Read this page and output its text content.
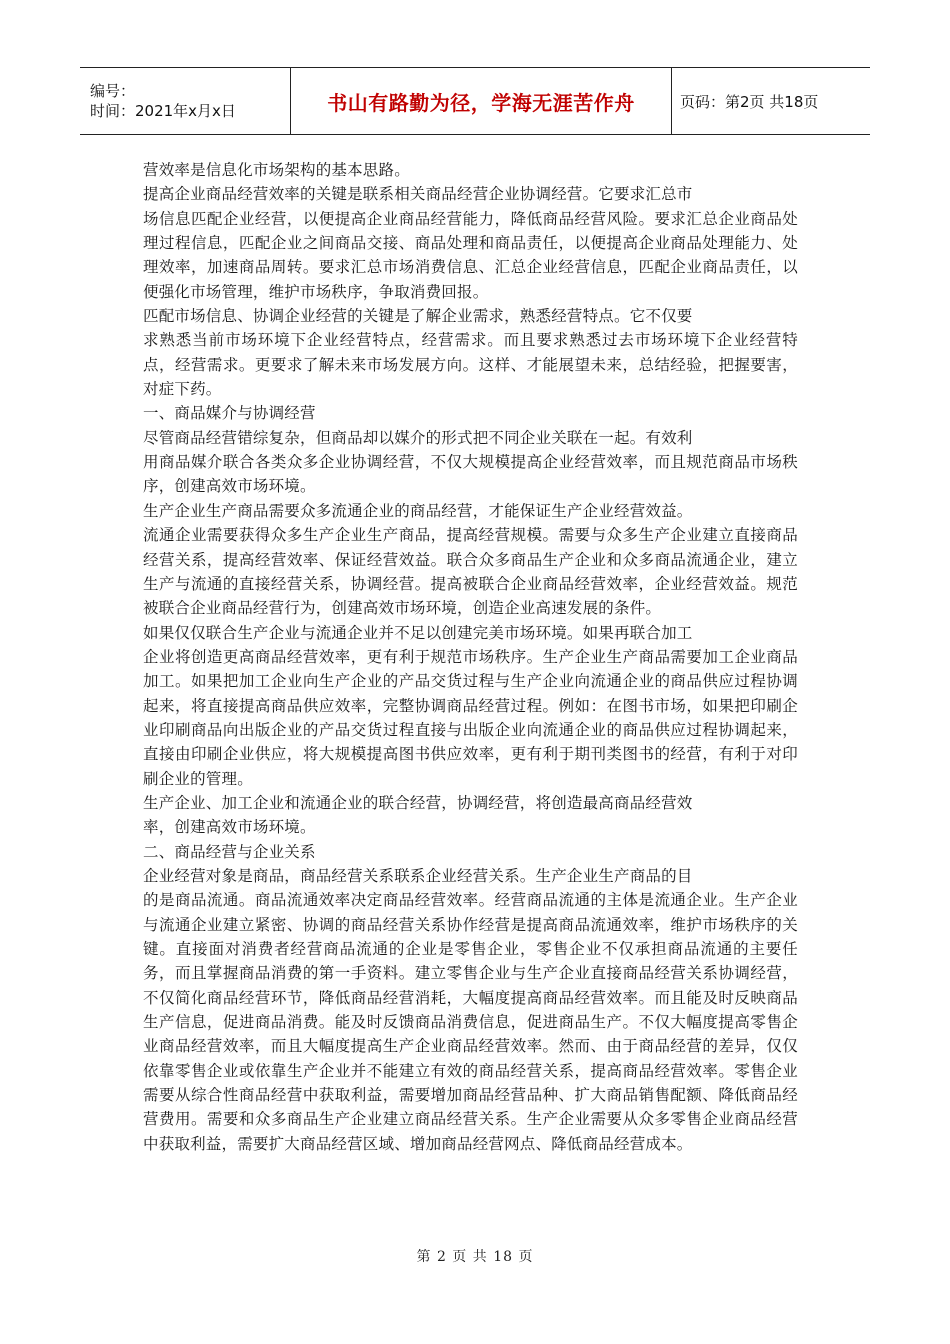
编号：
时间：2021年x月x日	书山有路勤为径，学海无涯苦作舟	页码：第2页 共18页

营效率是信息化市场架构的基本思路。

提高企业商品经营效率的关键是联系相关商品经营企业协调经营。它要求汇总市

场信息匹配企业经营，以便提高企业商品经营能力，降低商品经营风险。要求汇总企业商品处理过程信息，匹配企业之间商品交接、商品处理和商品责任，以便提高企业商品处理能力、处理效率，加速商品周转。要求汇总市场消费信息、汇总企业经营信息，匹配企业商品责任，以便强化市场管理，维护市场秩序，争取消费回报。

匹配市场信息、协调企业经营的关键是了解企业需求，熟悉经营特点。它不仅要

求熟悉当前市场环境下企业经营特点，经营需求。而且要求熟悉过去市场环境下企业经营特点，经营需求。更要求了解未来市场发展方向。这样、才能展望未来，总结经验，把握要害，对症下药。

一、商品媒介与协调经营

尽管商品经营错综复杂，但商品却以媒介的形式把不同企业关联在一起。有效利

用商品媒介联合各类众多企业协调经营，不仅大规模提高企业经营效率，而且规范商品市场秩序，创建高效市场环境。

生产企业生产商品需要众多流通企业的商品经营，才能保证生产企业经营效益。

流通企业需要获得众多生产企业生产商品，提高经营规模。需要与众多生产企业建立直接商品经营关系，提高经营效率、保证经营效益。联合众多商品生产企业和众多商品流通企业，建立生产与流通的直接经营关系，协调经营。提高被联合企业商品经营效率，企业经营效益。规范被联合企业商品经营行为，创建高效市场环境，创造企业高速发展的条件。

如果仅仅联合生产企业与流通企业并不足以创建完美市场环境。如果再联合加工

企业将创造更高商品经营效率，更有利于规范市场秩序。生产企业生产商品需要加工企业商品加工。如果把加工企业向生产企业的产品交货过程与生产企业向流通企业的商品供应过程协调起来，将直接提高商品供应效率，完整协调商品经营过程。例如：在图书市场，如果把印刷企业印刷商品向出版企业的产品交货过程直接与出版企业向流通企业的商品供应过程协调起来，直接由印刷企业供应，将大规模提高图书供应效率，更有利于期刊类图书的经营，有利于对印刷企业的管理。

生产企业、加工企业和流通企业的联合经营，协调经营，将创造最高商品经营效

率，创建高效市场环境。

二、商品经营与企业关系

企业经营对象是商品，商品经营关系联系企业经营关系。生产企业生产商品的目

的是商品流通。商品流通效率决定商品经营效率。经营商品流通的主体是流通企业。生产企业与流通企业建立紧密、协调的商品经营关系协作经营是提高商品流通效率，维护市场秩序的关键。直接面对消费者经营商品流通的企业是零售企业，零售企业不仅承担商品流通的主要任务，而且掌握商品消费的第一手资料。建立零售企业与生产企业直接商品经营关系协调经营，不仅简化商品经营环节，降低商品经营消耗，大幅度提高商品经营效率。而且能及时反映商品生产信息，促进商品消费。能及时反馈商品消费信息，促进商品生产。不仅大幅度提高零售企业商品经营效率，而且大幅度提高生产企业商品经营效率。然而、由于商品经营的差异，仅仅依靠零售企业或依靠生产企业并不能建立有效的商品经营关系，提高商品经营效率。零售企业需要从综合性商品经营中获取利益，需要增加商品经营品种、扩大商品销售配额、降低商品经营费用。需要和众多商品生产企业建立商品经营关系。生产企业需要从众多零售企业商品经营中获取利益，需要扩大商品经营区域、增加商品经营网点、降低商品经营成本。

第 2 页 共 18 页
